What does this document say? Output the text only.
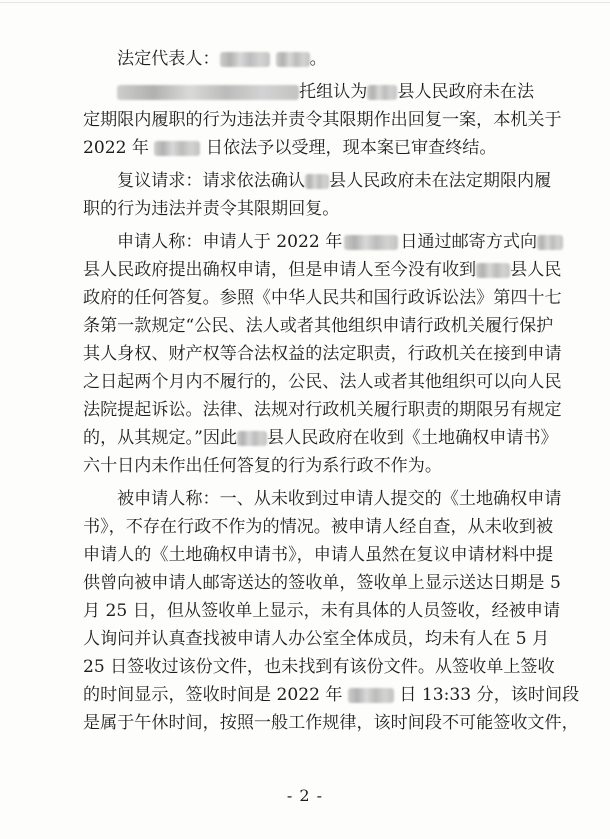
法定代表人：	。
托组认为 县人民政府未在法
定期限内履职的行为违法并责令其限期作出回复一案，本机关于
2022 年	日依法予以受理，现本案已审查终结。
复议请求：请求依法确认 县人民政府未在法定期限内履
职的行为违法并责令其限期回复。
申请人称：申请人于 2022 年	日通过邮寄方式向
县人民政府提出确权申请，但是申请人至今没有收到 县人民
政府的任何答复。参照《中华人民共和国行政诉讼法》第四十七
条第一款规定“公民、法人或者其他组织申请行政机关履行保护
其人身权、财产权等合法权益的法定职责，行政机关在接到申请
之日起两个月内不履行的，公民、法人或者其他组织可以向人民
法院提起诉讼。法律、法规对行政机关履行职责的期限另有规定
的，从其规定。”因此 县人民政府在收到《土地确权申请书》
六十日内未作出任何答复的行为系行政不作为。
被申请人称：一、从未收到过申请人提交的《土地确权申请
书》，不存在行政不作为的情况。被申请人经自查，从未收到被
申请人的《土地确权申请书》，申请人虽然在复议申请材料中提
供曾向被申请人邮寄送达的签收单，签收单上显示送达日期是 5
月 25 日，但从签收单上显示，未有具体的人员签收，经被申请
人询问并认真查找被申请人办公室全体成员，均未有人在 5 月
25 日签收过该份文件，也未找到有该份文件。从签收单上签收
的时间显示，签收时间是 2022 年	日 13:33 分，该时间段
是属于午休时间，按照一般工作规律，该时间段不可能签收文件，
- 2 -
